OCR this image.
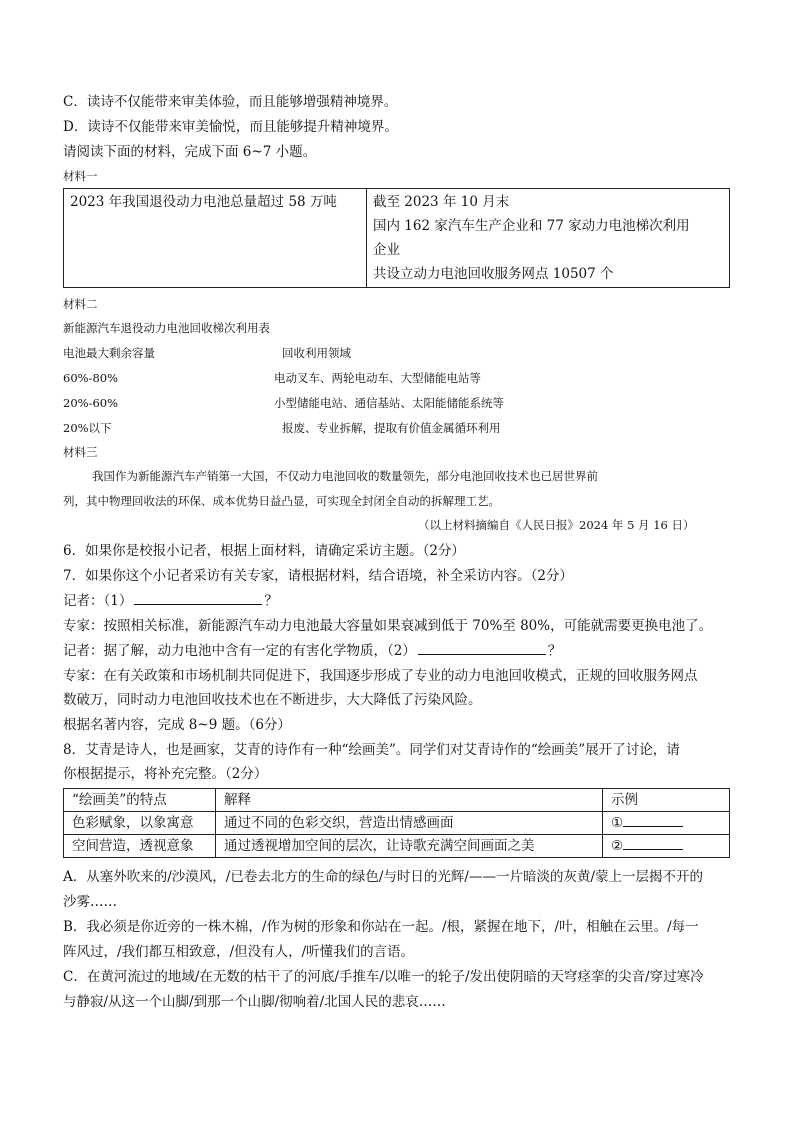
C．读诗不仅能带来审美体验，而且能够增强精神境界。
D．读诗不仅能带来审美愉悦，而且能够提升精神境界。
请阅读下面的材料，完成下面 6~7 小题。
材料一
2023 年我国退役动力电池总量超过 58 万吨	截至 2023 年 10 月末
国内 162 家汽车生产企业和 77 家动力电池梯次利用
企业
共设立动力电池回收服务网点 10507 个
材料二
新能源汽车退役动力电池回收梯次利用表
电池最大剩余容量	回收利用领域
60%-80%	电动叉车、两轮电动车、大型储能电站等
20%-60%	小型储能电站、通信基站、太阳能储能系统等
20%以下	报废、专业拆解，提取有价值金属循环利用
材料三
我国作为新能源汽车产销第一大国，不仅动力电池回收的数量领先，部分电池回收技术也已居世界前
列，其中物理回收法的环保、成本优势日益凸显，可实现全封闭全自动的拆解理工艺。
（以上材料摘编自《人民日报》2024 年 5 月 16 日）
6．如果你是校报小记者，根据上面材料，请确定采访主题。（2分）
7．如果你这个小记者采访有关专家，请根据材料，结合语境，补全采访内容。（2分）
记者：（1）	？
专家：按照相关标准，新能源汽车动力电池最大容量如果衰减到低于 70%至 80%，可能就需要更换电池了。
记者：据了解，动力电池中含有一定的有害化学物质，（2）	？
专家：在有关政策和市场机制共同促进下，我国逐步形成了专业的动力电池回收模式，正规的回收服务网点
数破万，同时动力电池回收技术也在不断进步，大大降低了污染风险。
根据名著内容，完成 8~9 题。（6分）
8．艾青是诗人，也是画家，艾青的诗作有一种“绘画美”。同学们对艾青诗作的“绘画美”展开了讨论，请
你根据提示，将补充完整。（2分）
“绘画美”的特点	解释	示例
色彩赋象，以象寓意	通过不同的色彩交织，营造出情感画面	①
空间营造，透视意象	通过透视增加空间的层次，让诗歌充满空间画面之美	②
A．从塞外吹来的/沙漠风，/已卷去北方的生命的绿色/与时日的光辉/——一片暗淡的灰黄/蒙上一层揭不开的
沙雾……
B．我必须是你近旁的一株木棉，/作为树的形象和你站在一起。/根，紧握在地下，/叶，相触在云里。/每一
阵风过，/我们都互相致意，/但没有人，/听懂我们的言语。
C．在黄河流过的地域/在无数的枯干了的河底/手推车/以唯一的轮子/发出使阴暗的天穹痉挛的尖音/穿过寒冷
与静寂/从这一个山脚/到那一个山脚/彻响着/北国人民的悲哀……
